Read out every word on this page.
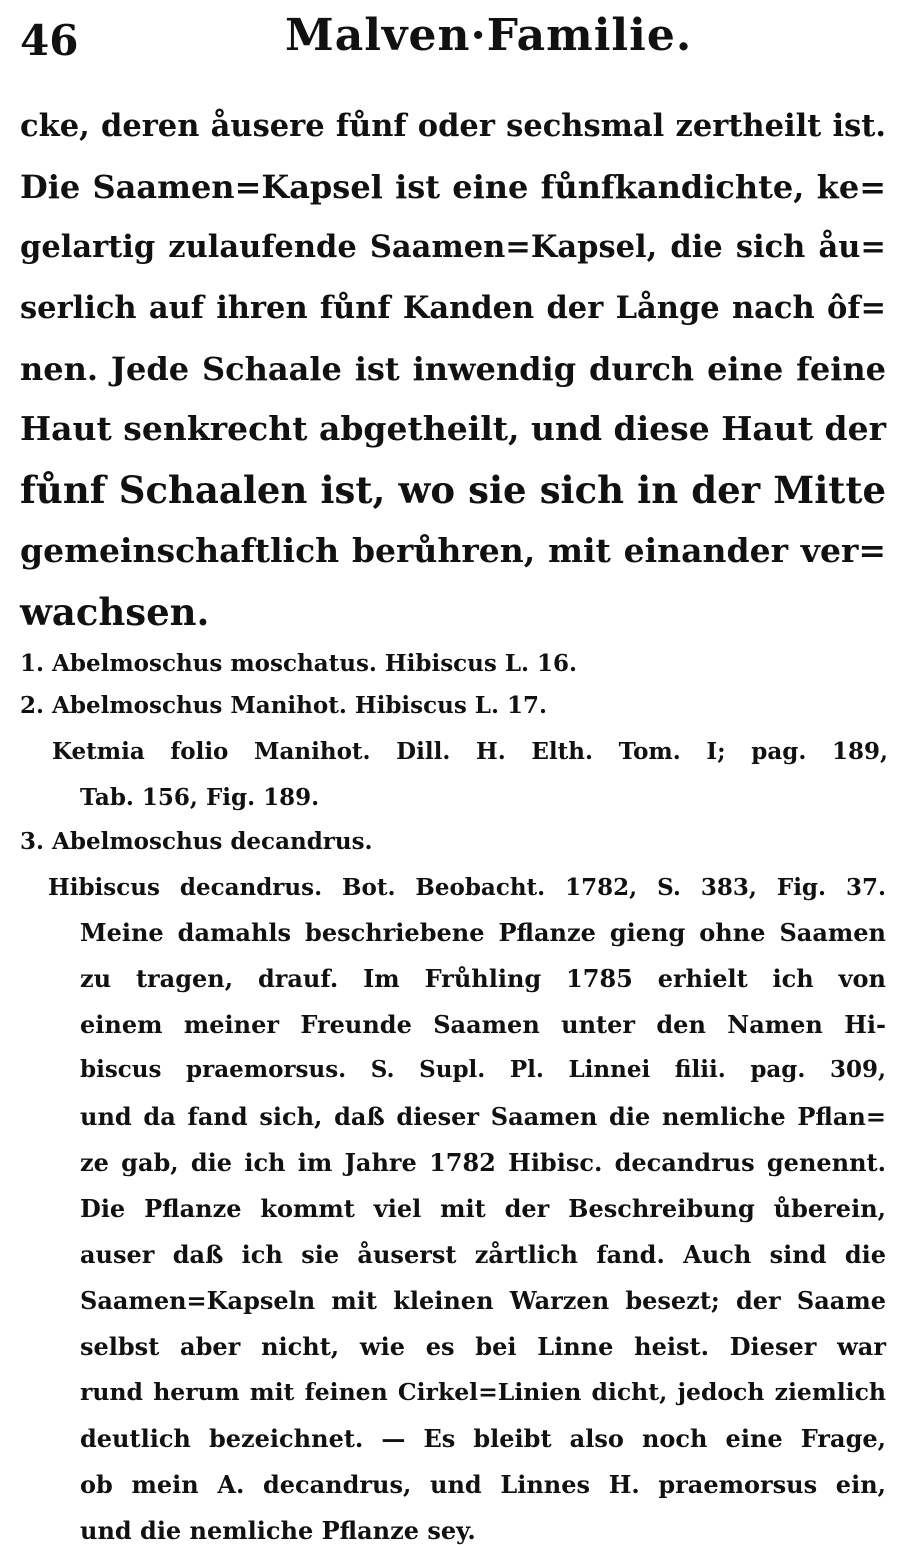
46	Malven·Familie.
cke, deren åusere fůnf oder sechsmal zertheilt ist.
Die Saamen=Kapsel ist eine fůnfkandichte, ke=
gelartig zulaufende Saamen=Kapsel, die sich åu=
serlich auf ihren fůnf Kanden der Långe nach ôf=
nen. Jede Schaale ist inwendig durch eine feine
Haut senkrecht abgetheilt, und diese Haut der
fůnf Schaalen ist, wo sie sich in der Mitte
gemeinschaftlich berůhren, mit einander ver=
wachsen.
1. Abelmoschus moschatus. Hibiscus L. 16.
2. Abelmoschus Manihot. Hibiscus L. 17.
Ketmia folio Manihot. Dill. H. Elth. Tom. I; pag. 189,
Tab. 156, Fig. 189.
3. Abelmoschus decandrus.
Hibiscus decandrus. Bot. Beobacht. 1782, S. 383, Fig. 37.
Meine damahls beschriebene Pflanze gieng ohne Saamen
zu tragen, drauf. Im Frůhling 1785 erhielt ich von
einem meiner Freunde Saamen unter den Namen Hi-
biscus praemorsus. S. Supl. Pl. Linnei filii. pag. 309,
und da fand sich, daß dieser Saamen die nemliche Pflan=
ze gab, die ich im Jahre 1782 Hibisc. decandrus genennt.
Die Pflanze kommt viel mit der Beschreibung ůberein,
auser daß ich sie åuserst zårtlich fand. Auch sind die
Saamen=Kapseln mit kleinen Warzen besezt; der Saame
selbst aber nicht, wie es bei Linne heist. Dieser war
rund herum mit feinen Cirkel=Linien dicht, jedoch ziemlich
deutlich bezeichnet. — Es bleibt also noch eine Frage,
ob mein A. decandrus, und Linnes H. praemorsus ein,
und die nemliche Pflanze sey.
